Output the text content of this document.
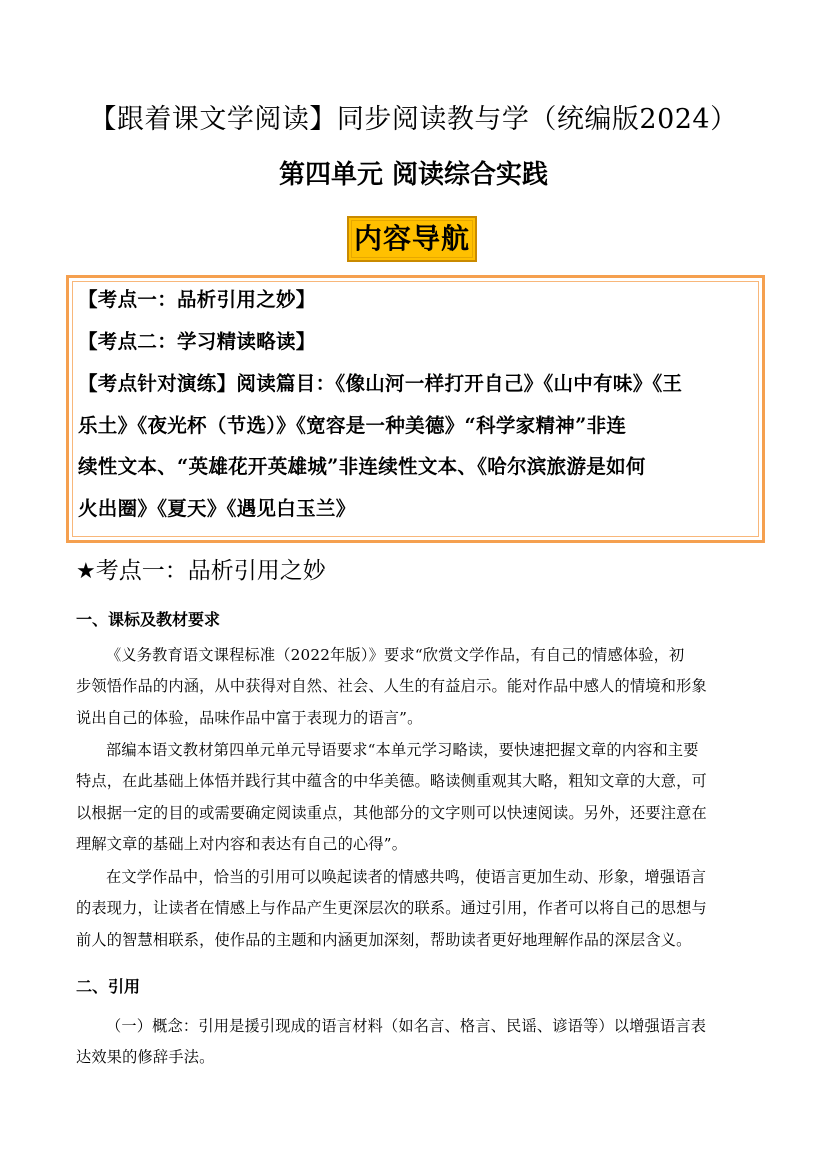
【跟着课文学阅读】同步阅读教与学（统编版2024）
第四单元 阅读综合实践
内容导航
【考点一：品析引用之妙】
【考点二：学习精读略读】
【考点针对演练】阅读篇目：《像山河一样打开自己》《山中有味》《王
乐土》《夜光杯（节选）》《宽容是一种美德》“科学家精神”非连
续性文本、“英雄花开英雄城”非连续性文本、《哈尔滨旅游是如何
火出圈》《夏天》《遇见白玉兰》
★考点一：品析引用之妙
一、课标及教材要求
《义务教育语文课程标准（2022年版）》要求“欣赏文学作品，有自己的情感体验，初
步领悟作品的内涵，从中获得对自然、社会、人生的有益启示。能对作品中感人的情境和形象
说出自己的体验，品味作品中富于表现力的语言”。
部编本语文教材第四单元单元导语要求“本单元学习略读，要快速把握文章的内容和主要
特点，在此基础上体悟并践行其中蕴含的中华美德。略读侧重观其大略，粗知文章的大意，可
以根据一定的目的或需要确定阅读重点，其他部分的文字则可以快速阅读。另外，还要注意在
理解文章的基础上对内容和表达有自己的心得”。
在文学作品中，恰当的引用可以唤起读者的情感共鸣，使语言更加生动、形象，增强语言
的表现力，让读者在情感上与作品产生更深层次的联系。通过引用，作者可以将自己的思想与
前人的智慧相联系，使作品的主题和内涵更加深刻，帮助读者更好地理解作品的深层含义。
二、引用
（一）概念：引用是援引现成的语言材料（如名言、格言、民谣、谚语等）以增强语言表
达效果的修辞手法。
